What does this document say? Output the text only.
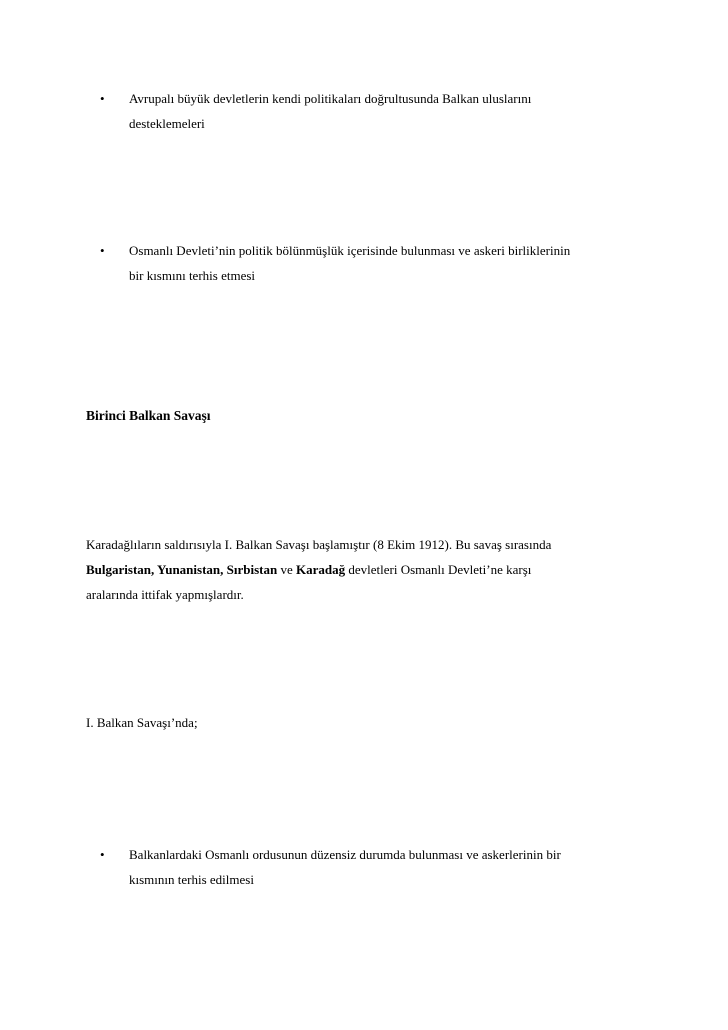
• Avrupalı büyük devletlerin kendi politikaları doğrultusunda Balkan uluslarını
desteklemeleri
• Osmanlı Devleti’nin politik bölünmüşlük içerisinde bulunması ve askeri birliklerinin
bir kısmını terhis etmesi
Birinci Balkan Savaşı
Karadağlıların saldırısıyla I. Balkan Savaşı başlamıştır (8 Ekim 1912). Bu savaş sırasında
Bulgaristan, Yunanistan, Sırbistan ve Karadağ devletleri Osmanlı Devleti’ne karşı
aralarında ittifak yapmışlardır.
I. Balkan Savaşı’nda;
• Balkanlardaki Osmanlı ordusunun düzensiz durumda bulunması ve askerlerinin bir
kısmının terhis edilmesi
